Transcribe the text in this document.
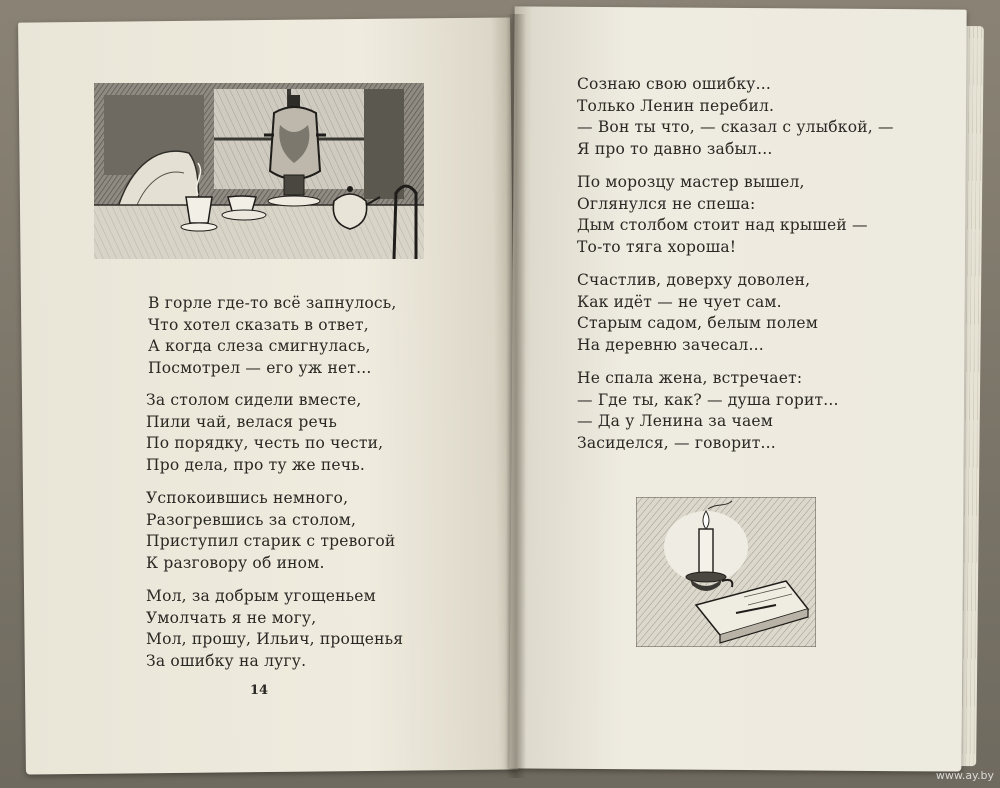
В горле где-то всё запнулось,
Что хотел сказать в ответ,
А когда слеза смигнулась,
Посмотрел — его уж нет...
За столом сидели вместе,
Пили чай, велася речь
По порядку, честь по чести,
Про дела, про ту же печь.
Успокоившись немного,
Разогревшись за столом,
Приступил старик с тревогой
К разговору об ином.
Мол, за добрым угощеньем
Умолчать я не могу,
Мол, прошу, Ильич, прощенья
За ошибку на лугу.
14
Сознаю свою ошибку...
Только Ленин перебил.
— Вон ты что, — сказал с улыбкой, —
Я про то давно забыл...
По морозцу мастер вышел,
Оглянулся не спеша:
Дым столбом стоит над крышей —
То-то тяга хороша!
Счастлив, доверху доволен,
Как идёт — не чует сам.
Старым садом, белым полем
На деревню зачесал...
Не спала жена, встречает:
— Где ты, как? — душа горит...
— Да у Ленина за чаем
Засиделся, — говорит...
www.ay.by
